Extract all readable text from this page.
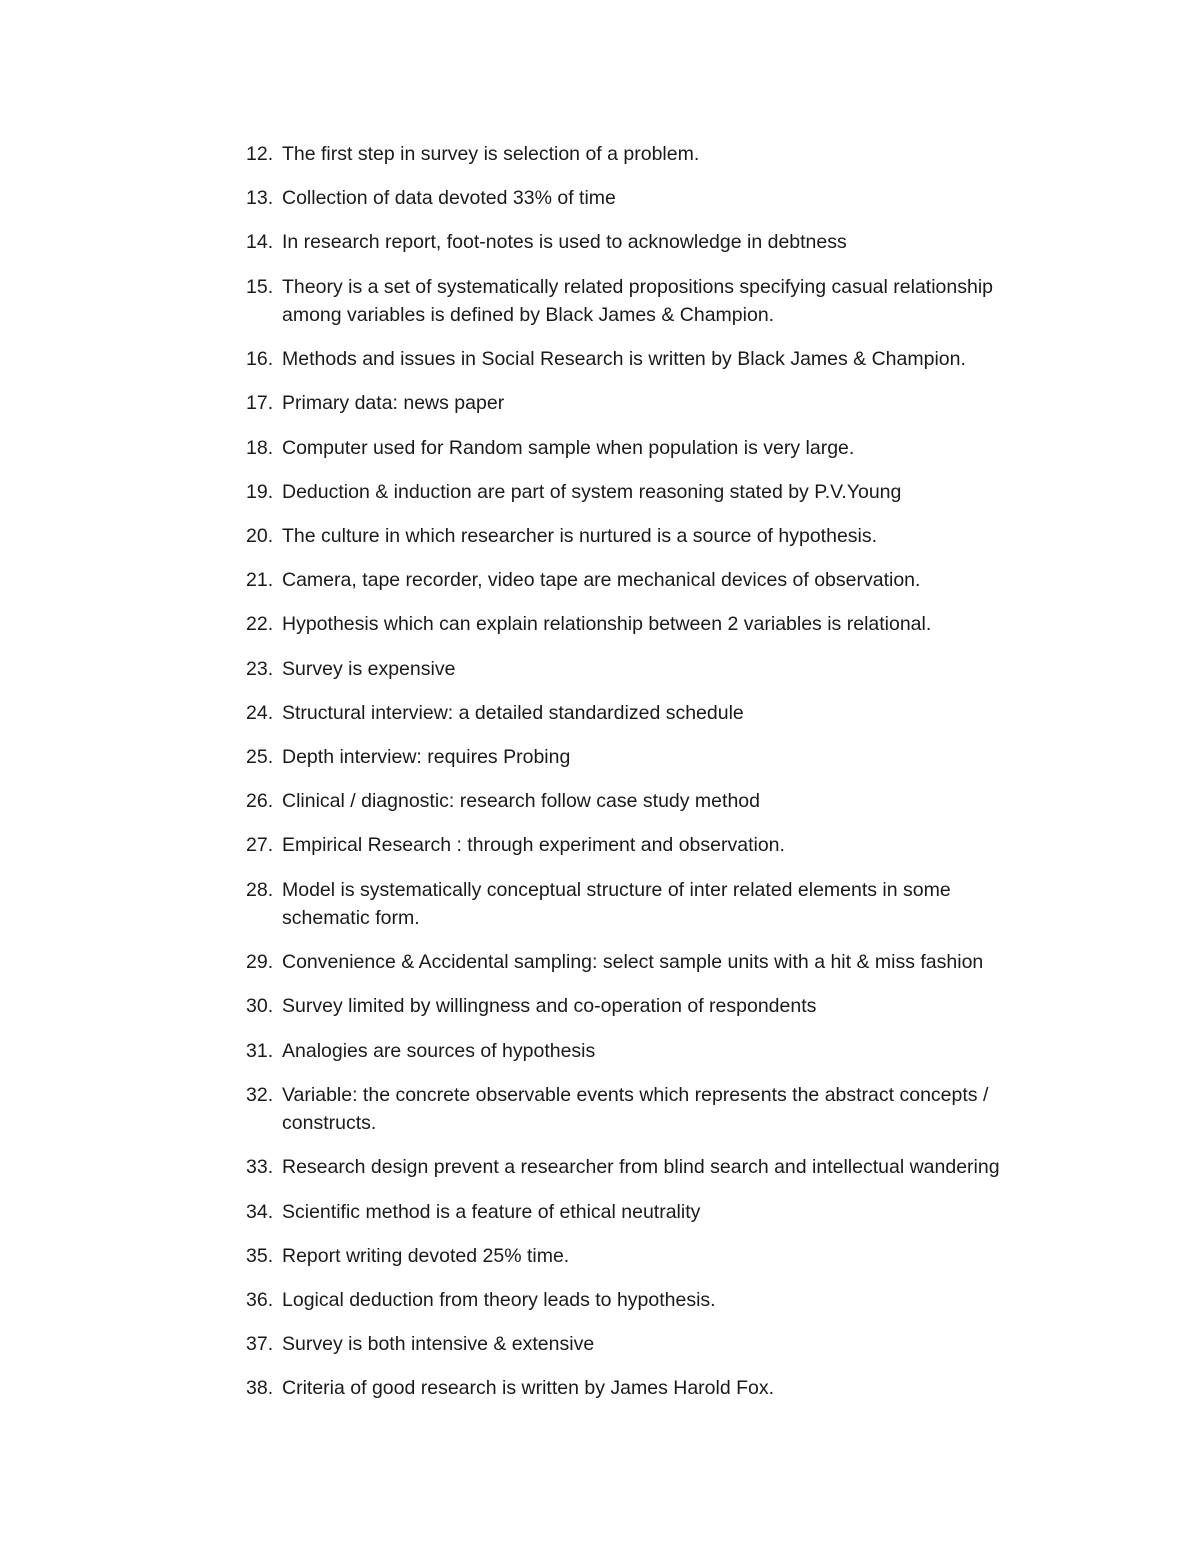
12. The first step in survey is selection of a problem.
13. Collection of data devoted 33% of time
14. In research report, foot-notes is used to acknowledge in debtness
15. Theory is a set of systematically related propositions specifying casual relationship among variables is defined by Black James & Champion.
16. Methods and issues in Social Research is written by Black James & Champion.
17. Primary data: news paper
18. Computer used for Random sample when population is very large.
19. Deduction & induction are part of system reasoning stated by P.V.Young
20. The culture in which researcher is nurtured is a source of hypothesis.
21. Camera, tape recorder, video tape are mechanical devices of observation.
22. Hypothesis which can explain relationship between 2 variables is relational.
23. Survey is expensive
24. Structural interview: a detailed standardized schedule
25. Depth interview: requires Probing
26. Clinical / diagnostic: research follow case study method
27. Empirical Research : through experiment and observation.
28. Model is systematically conceptual structure of inter related elements in some schematic form.
29. Convenience & Accidental sampling: select sample units with a hit & miss fashion
30. Survey limited by willingness and co-operation of respondents
31. Analogies are sources of hypothesis
32. Variable: the concrete observable events which represents the abstract concepts / constructs.
33. Research design prevent a researcher from blind search and intellectual wandering
34. Scientific method is a feature of ethical neutrality
35. Report writing devoted 25% time.
36. Logical deduction from theory leads to hypothesis.
37. Survey is both intensive & extensive
38. Criteria of good research is written by James Harold Fox.
